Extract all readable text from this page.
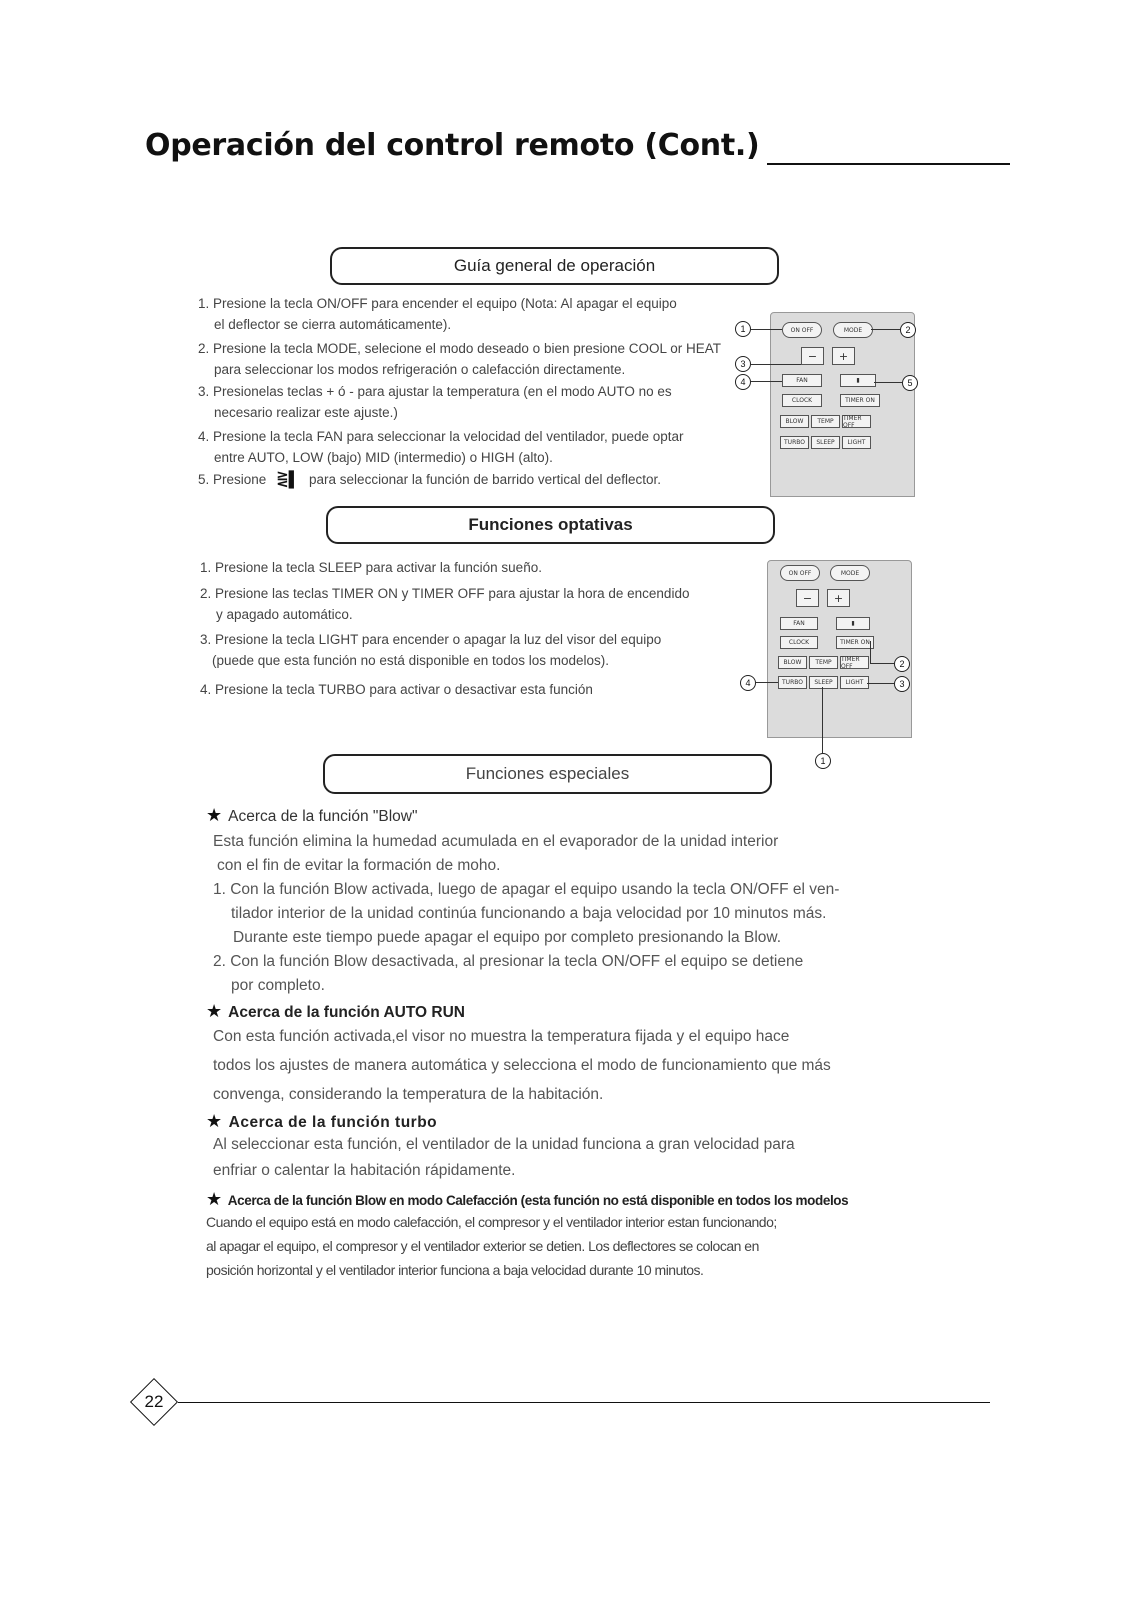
Operación del control remoto (Cont.)
Guía general de operación
1. Presione la tecla ON/OFF para encender el equipo (Nota: Al apagar el equipo
el deflector se cierra automáticamente).
2. Presione la tecla MODE, selecione el modo deseado o bien presione COOL or HEAT
para seleccionar los modos refrigeración o calefacción directamente.
3. Presionelas teclas + ó - para ajustar la temperatura (en el modo AUTO no es
necesario realizar este ajuste.)
4. Presione la tecla FAN para seleccionar la velocidad del ventilador, puede optar
entre AUTO, LOW (bajo) MID (intermedio) o HIGH (alto).
5. Presione ⋛▌ para seleccionar la función de barrido vertical del deflector.
ON OFF	MODE
−	+
FAN	▮
CLOCK	TIMER ON
BLOW	TEMP	TIMER OFF
TURBO	SLEEP	LIGHT
1	2
3
4	5
Funciones optativas
1. Presione la tecla SLEEP para activar la función sueño.
2. Presione las teclas TIMER ON y TIMER OFF para ajustar la hora de encendido
y apagado automático.
3. Presione la tecla LIGHT para encender o apagar la luz del visor del equipo
(puede que esta función no está disponible en todos los modelos).
4. Presione la tecla TURBO para activar o desactivar esta función
ON OFF	MODE
−	+
FAN	▮
CLOCK	TIMER ON
BLOW	TEMP	TIMER OFF
TURBO	SLEEP	LIGHT
2
4	3
1
Funciones especiales
★ Acerca de la función "Blow"
Esta función elimina la humedad acumulada en el evaporador de la unidad interior
con el fin de evitar la formación de moho.
1. Con la función Blow activada, luego de apagar el equipo usando la tecla ON/OFF el ven-
tilador interior de la unidad continúa funcionando a baja velocidad por 10 minutos más.
Durante este tiempo puede apagar el equipo por completo presionando la Blow.
2. Con la función Blow desactivada, al presionar la tecla ON/OFF el equipo se detiene
por completo.
★ Acerca de la función AUTO RUN
Con esta función activada,el visor no muestra la temperatura fijada y el equipo hace
todos los ajustes de manera automática y selecciona el modo de funcionamiento que más
convenga, considerando la temperatura de la habitación.
★ Acerca de la función turbo
Al seleccionar esta función, el ventilador de la unidad funciona a gran velocidad para
enfriar o calentar la habitación rápidamente.
★ Acerca de la función Blow en modo Calefacción (esta función no está disponible en todos los modelos
Cuando el equipo está en modo calefacción, el compresor y el ventilador interior estan funcionando;
al apagar el equipo, el compresor y el ventilador exterior se detien. Los deflectores se colocan en
posición horizontal y el ventilador interior funciona a baja velocidad durante 10 minutos.
22
